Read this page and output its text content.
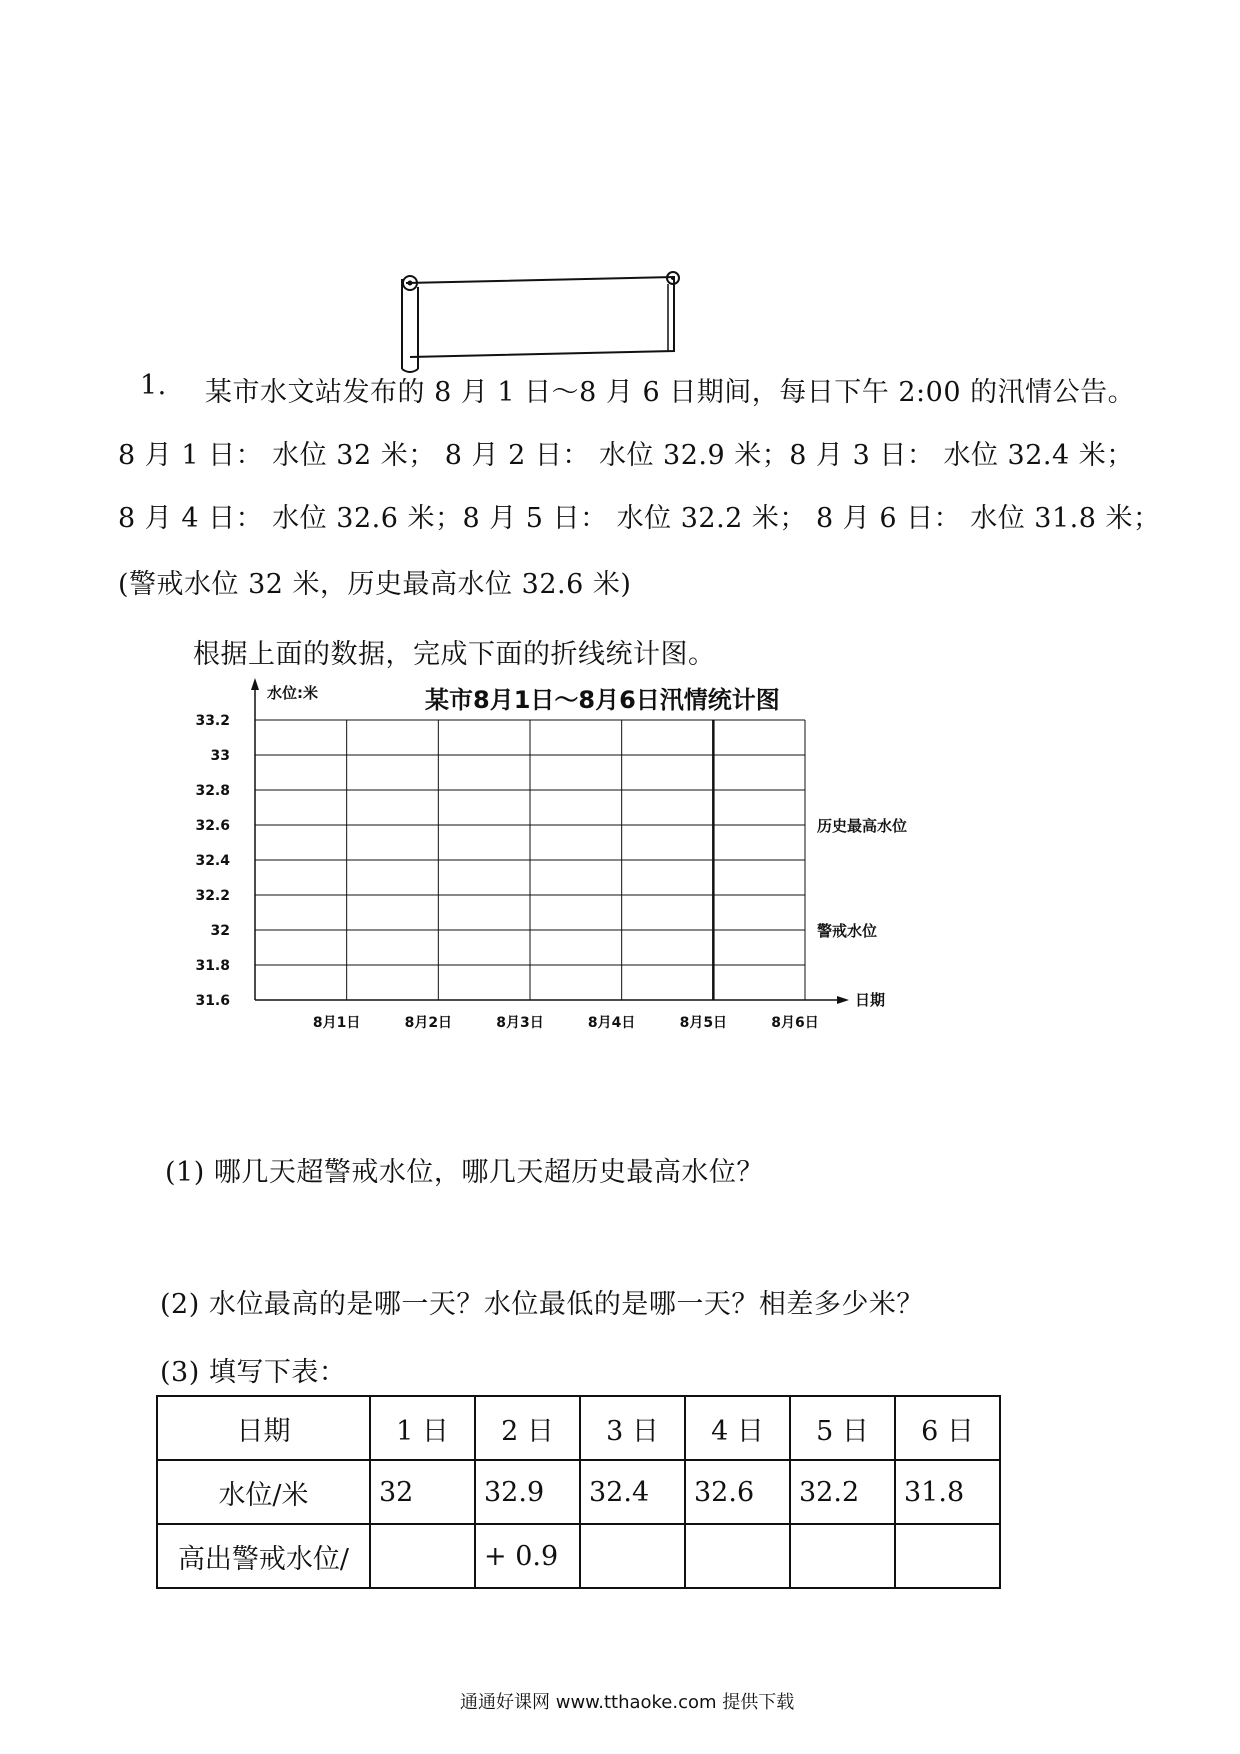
1. 某市水文站发布的 8 月 1 日～8 月 6 日期间，每日下午 2:00 的汛情公告。
8 月 1 日： 水位 32 米； 8 月 2 日： 水位 32.9 米；8 月 3 日： 水位 32.4 米；
8 月 4 日： 水位 32.6 米；8 月 5 日： 水位 32.2 米； 8 月 6 日： 水位 31.8 米；
(警戒水位 32 米，历史最高水位 32.6 米)
根据上面的数据，完成下面的折线统计图。
33.2
33
32.8
32.6
32.4
32.2
32
31.8
31.6
8月1日	8月2日	8月3日	8月4日	8月5日	8月6日
水位:米
日期
某市8月1日～8月6日汛情统计图
历史最高水位
警戒水位
(1) 哪几天超警戒水位，哪几天超历史最高水位？
(2) 水位最高的是哪一天？水位最低的是哪一天？相差多少米？
(3) 填写下表：
日期	1 日	2 日	3 日	4 日	5 日	6 日
水位/米	32	32.9	32.4	32.6	32.2	31.8
高出警戒水位/		+ 0.9				
通通好课网 www.tthaoke.com 提供下载
